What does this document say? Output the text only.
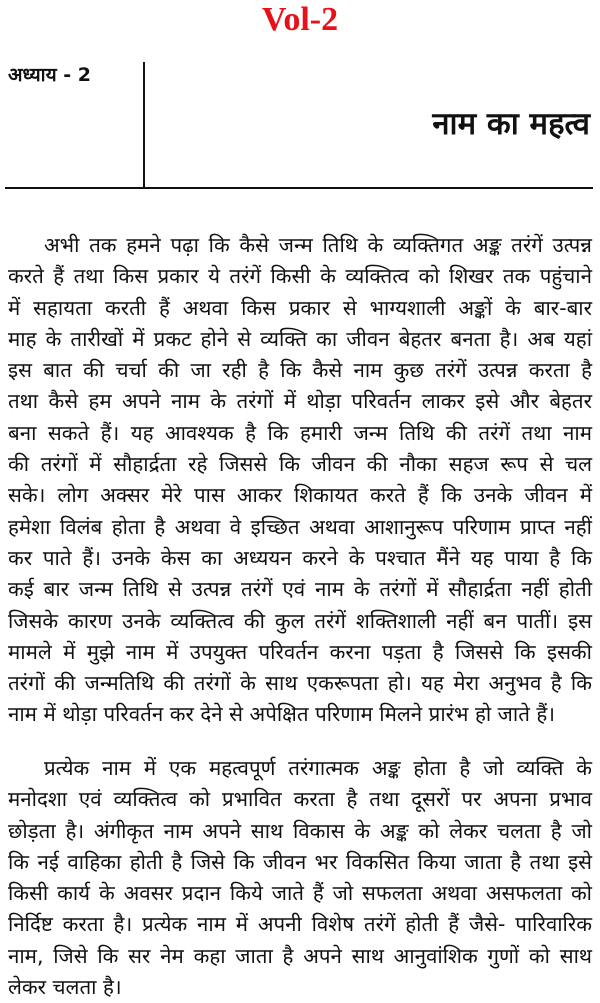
Vol-2
अध्याय - 2
नाम का महत्व
अभी तक हमने पढ़ा कि कैसे जन्म तिथि के व्यक्तिगत अङ्क तरंगें उत्पन्न
करते हैं तथा किस प्रकार ये तरंगें किसी के व्यक्तित्व को शिखर तक पहुंचाने
में सहायता करती हैं अथवा किस प्रकार से भाग्यशाली अङ्कों के बार-बार
माह के तारीखों में प्रकट होने से व्यक्ति का जीवन बेहतर बनता है। अब यहां
इस बात की चर्चा की जा रही है कि कैसे नाम कुछ तरंगें उत्पन्न करता है
तथा कैसे हम अपने नाम के तरंगों में थोड़ा परिवर्तन लाकर इसे और बेहतर
बना सकते हैं। यह आवश्यक है कि हमारी जन्म तिथि की तरंगें तथा नाम
की तरंगों में सौहार्द्रता रहे जिससे कि जीवन की नौका सहज रूप से चल
सके। लोग अक्सर मेरे पास आकर शिकायत करते हैं कि उनके जीवन में
हमेशा विलंब होता है अथवा वे इच्छित अथवा आशानुरूप परिणाम प्राप्त नहीं
कर पाते हैं। उनके केस का अध्ययन करने के पश्चात मैंने यह पाया है कि
कई बार जन्म तिथि से उत्पन्न तरंगें एवं नाम के तरंगों में सौहार्द्रता नहीं होती
जिसके कारण उनके व्यक्तित्व की कुल तरंगें शक्तिशाली नहीं बन पातीं। इस
मामले में मुझे नाम में उपयुक्त परिवर्तन करना पड़ता है जिससे कि इसकी
तरंगों की जन्मतिथि की तरंगों के साथ एकरूपता हो। यह मेरा अनुभव है कि
नाम में थोड़ा परिवर्तन कर देने से अपेक्षित परिणाम मिलने प्रारंभ हो जाते हैं।
प्रत्येक नाम में एक महत्वपूर्ण तरंगात्मक अङ्क होता है जो व्यक्ति के
मनोदशा एवं व्यक्तित्व को प्रभावित करता है तथा दूसरों पर अपना प्रभाव
छोड़ता है। अंगीकृत नाम अपने साथ विकास के अङ्क को लेकर चलता है जो
कि नई वाहिका होती है जिसे कि जीवन भर विकसित किया जाता है तथा इसे
किसी कार्य के अवसर प्रदान किये जाते हैं जो सफलता अथवा असफलता को
निर्दिष्ट करता है। प्रत्येक नाम में अपनी विशेष तरंगें होती हैं जैसे- पारिवारिक
नाम, जिसे कि सर नेम कहा जाता है अपने साथ आनुवांशिक गुणों को साथ
लेकर चलता है।
